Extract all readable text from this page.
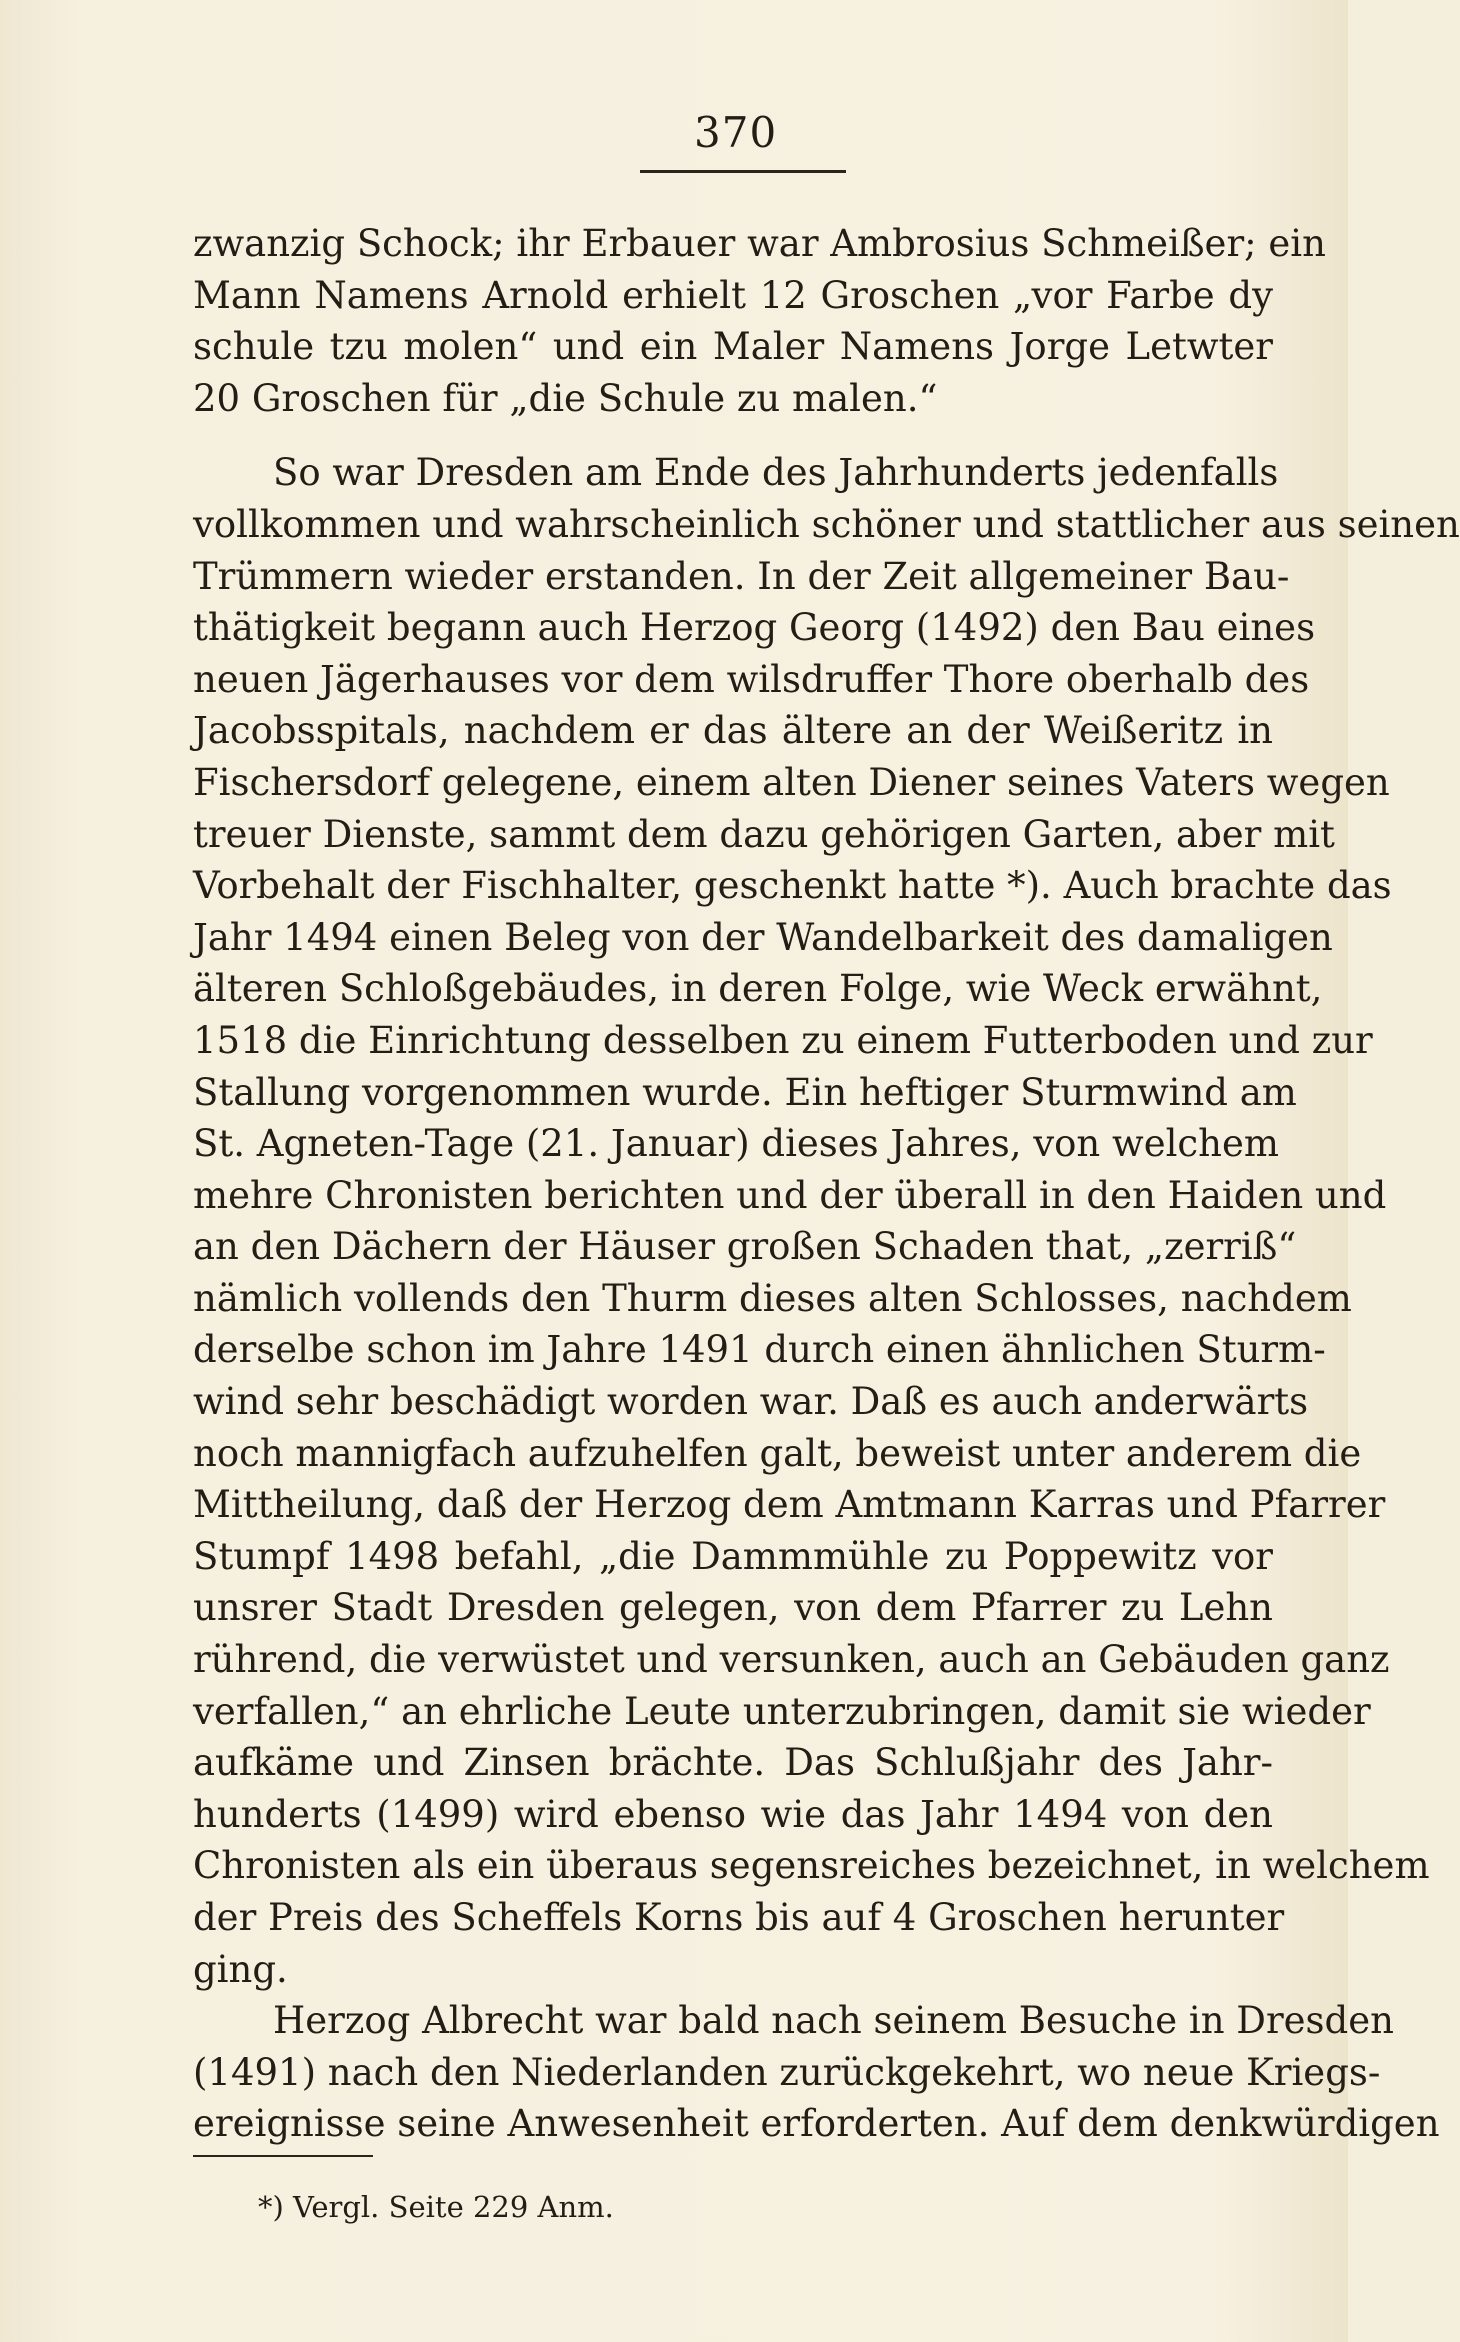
370
zwanzig Schock; ihr Erbauer war Ambrosius Schmeißer; ein
Mann Namens Arnold erhielt 12 Groschen „vor Farbe dy
schule tzu molen“ und ein Maler Namens Jorge Letwter
20 Groschen für „die Schule zu malen.“
So war Dresden am Ende des Jahrhunderts jedenfalls
vollkommen und wahrscheinlich schöner und stattlicher aus seinen
Trümmern wieder erstanden. In der Zeit allgemeiner Bau-
thätigkeit begann auch Herzog Georg (1492) den Bau eines
neuen Jägerhauses vor dem wilsdruffer Thore oberhalb des
Jacobsspitals, nachdem er das ältere an der Weißeritz in
Fischersdorf gelegene, einem alten Diener seines Vaters wegen
treuer Dienste, sammt dem dazu gehörigen Garten, aber mit
Vorbehalt der Fischhalter, geschenkt hatte *). Auch brachte das
Jahr 1494 einen Beleg von der Wandelbarkeit des damaligen
älteren Schloßgebäudes, in deren Folge, wie Weck erwähnt,
1518 die Einrichtung desselben zu einem Futterboden und zur
Stallung vorgenommen wurde. Ein heftiger Sturmwind am
St. Agneten-Tage (21. Januar) dieses Jahres, von welchem
mehre Chronisten berichten und der überall in den Haiden und
an den Dächern der Häuser großen Schaden that, „zerriß“
nämlich vollends den Thurm dieses alten Schlosses, nachdem
derselbe schon im Jahre 1491 durch einen ähnlichen Sturm-
wind sehr beschädigt worden war. Daß es auch anderwärts
noch mannigfach aufzuhelfen galt, beweist unter anderem die
Mittheilung, daß der Herzog dem Amtmann Karras und Pfarrer
Stumpf 1498 befahl, „die Dammmühle zu Poppewitz vor
unsrer Stadt Dresden gelegen, von dem Pfarrer zu Lehn
rührend, die verwüstet und versunken, auch an Gebäuden ganz
verfallen,“ an ehrliche Leute unterzubringen, damit sie wieder
aufkäme und Zinsen brächte. Das Schlußjahr des Jahr-
hunderts (1499) wird ebenso wie das Jahr 1494 von den
Chronisten als ein überaus segensreiches bezeichnet, in welchem
der Preis des Scheffels Korns bis auf 4 Groschen herunter
ging.
Herzog Albrecht war bald nach seinem Besuche in Dresden
(1491) nach den Niederlanden zurückgekehrt, wo neue Kriegs-
ereignisse seine Anwesenheit erforderten. Auf dem denkwürdigen
*) Vergl. Seite 229 Anm.
